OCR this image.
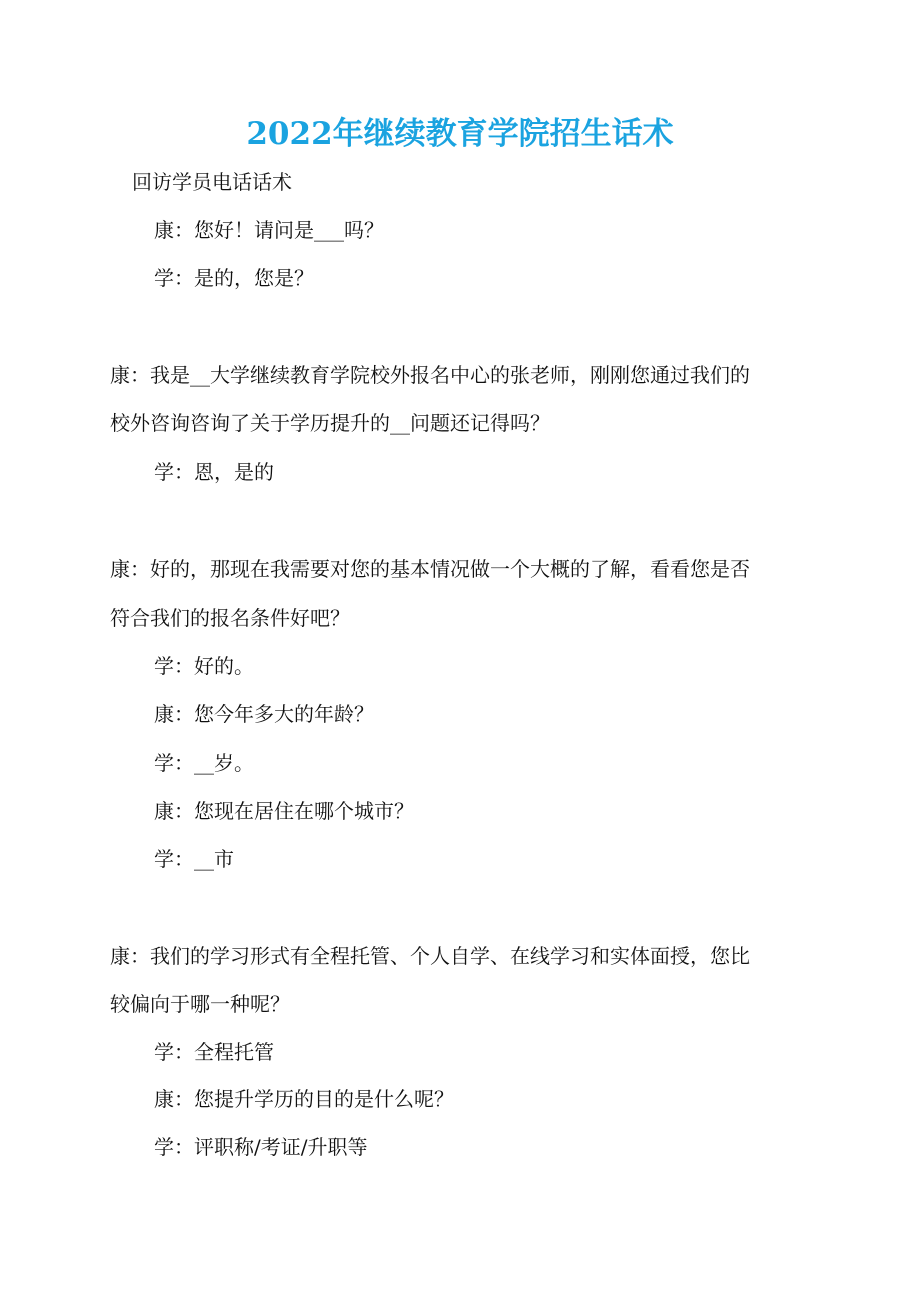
2022年继续教育学院招生话术
回访学员电话话术
康：您好！请问是___吗？
学：是的，您是？
康：我是__大学继续教育学院校外报名中心的张老师，刚刚您通过我们的
校外咨询咨询了关于学历提升的__问题还记得吗？
学：恩，是的
康：好的，那现在我需要对您的基本情况做一个大概的了解，看看您是否
符合我们的报名条件好吧？
学：好的。
康：您今年多大的年龄？
学：__岁。
康：您现在居住在哪个城市？
学：__市
康：我们的学习形式有全程托管、个人自学、在线学习和实体面授，您比
较偏向于哪一种呢？
学：全程托管
康：您提升学历的目的是什么呢？
学：评职称/考证/升职等
